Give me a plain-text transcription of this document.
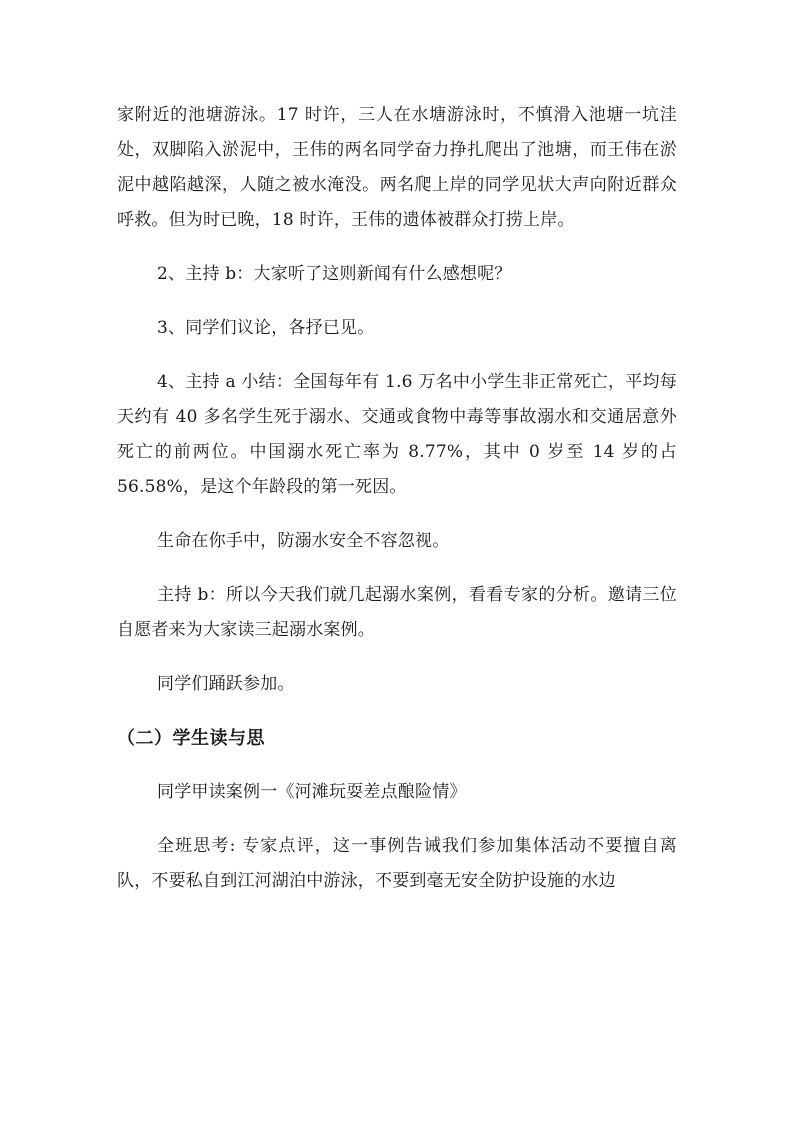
家附近的池塘游泳。17 时许，三人在水塘游泳时，不慎滑入池塘一坑洼处，双脚陷入淤泥中，王伟的两名同学奋力挣扎爬出了池塘，而王伟在淤泥中越陷越深，人随之被水淹没。两名爬上岸的同学见状大声向附近群众呼救。但为时已晚，18 时许，王伟的遗体被群众打捞上岸。

2、主持 b：大家听了这则新闻有什么感想呢？

3、同学们议论，各抒已见。

4、主持 a 小结：全国每年有 1.6 万名中小学生非正常死亡，平均每天约有 40 多名学生死于溺水、交通或食物中毒等事故溺水和交通居意外死亡的前两位。中国溺水死亡率为 8.77%，其中 0 岁至 14 岁的占 56.58%，是这个年龄段的第一死因。

生命在你手中，防溺水安全不容忽视。

主持 b：所以今天我们就几起溺水案例，看看专家的分析。邀请三位自愿者来为大家读三起溺水案例。

同学们踊跃参加。

（二）学生读与思

同学甲读案例一《河滩玩耍差点酿险情》

全班思考: 专家点评，这一事例告诫我们参加集体活动不要擅自离队，不要私自到江河湖泊中游泳，不要到毫无安全防护设施的水边
